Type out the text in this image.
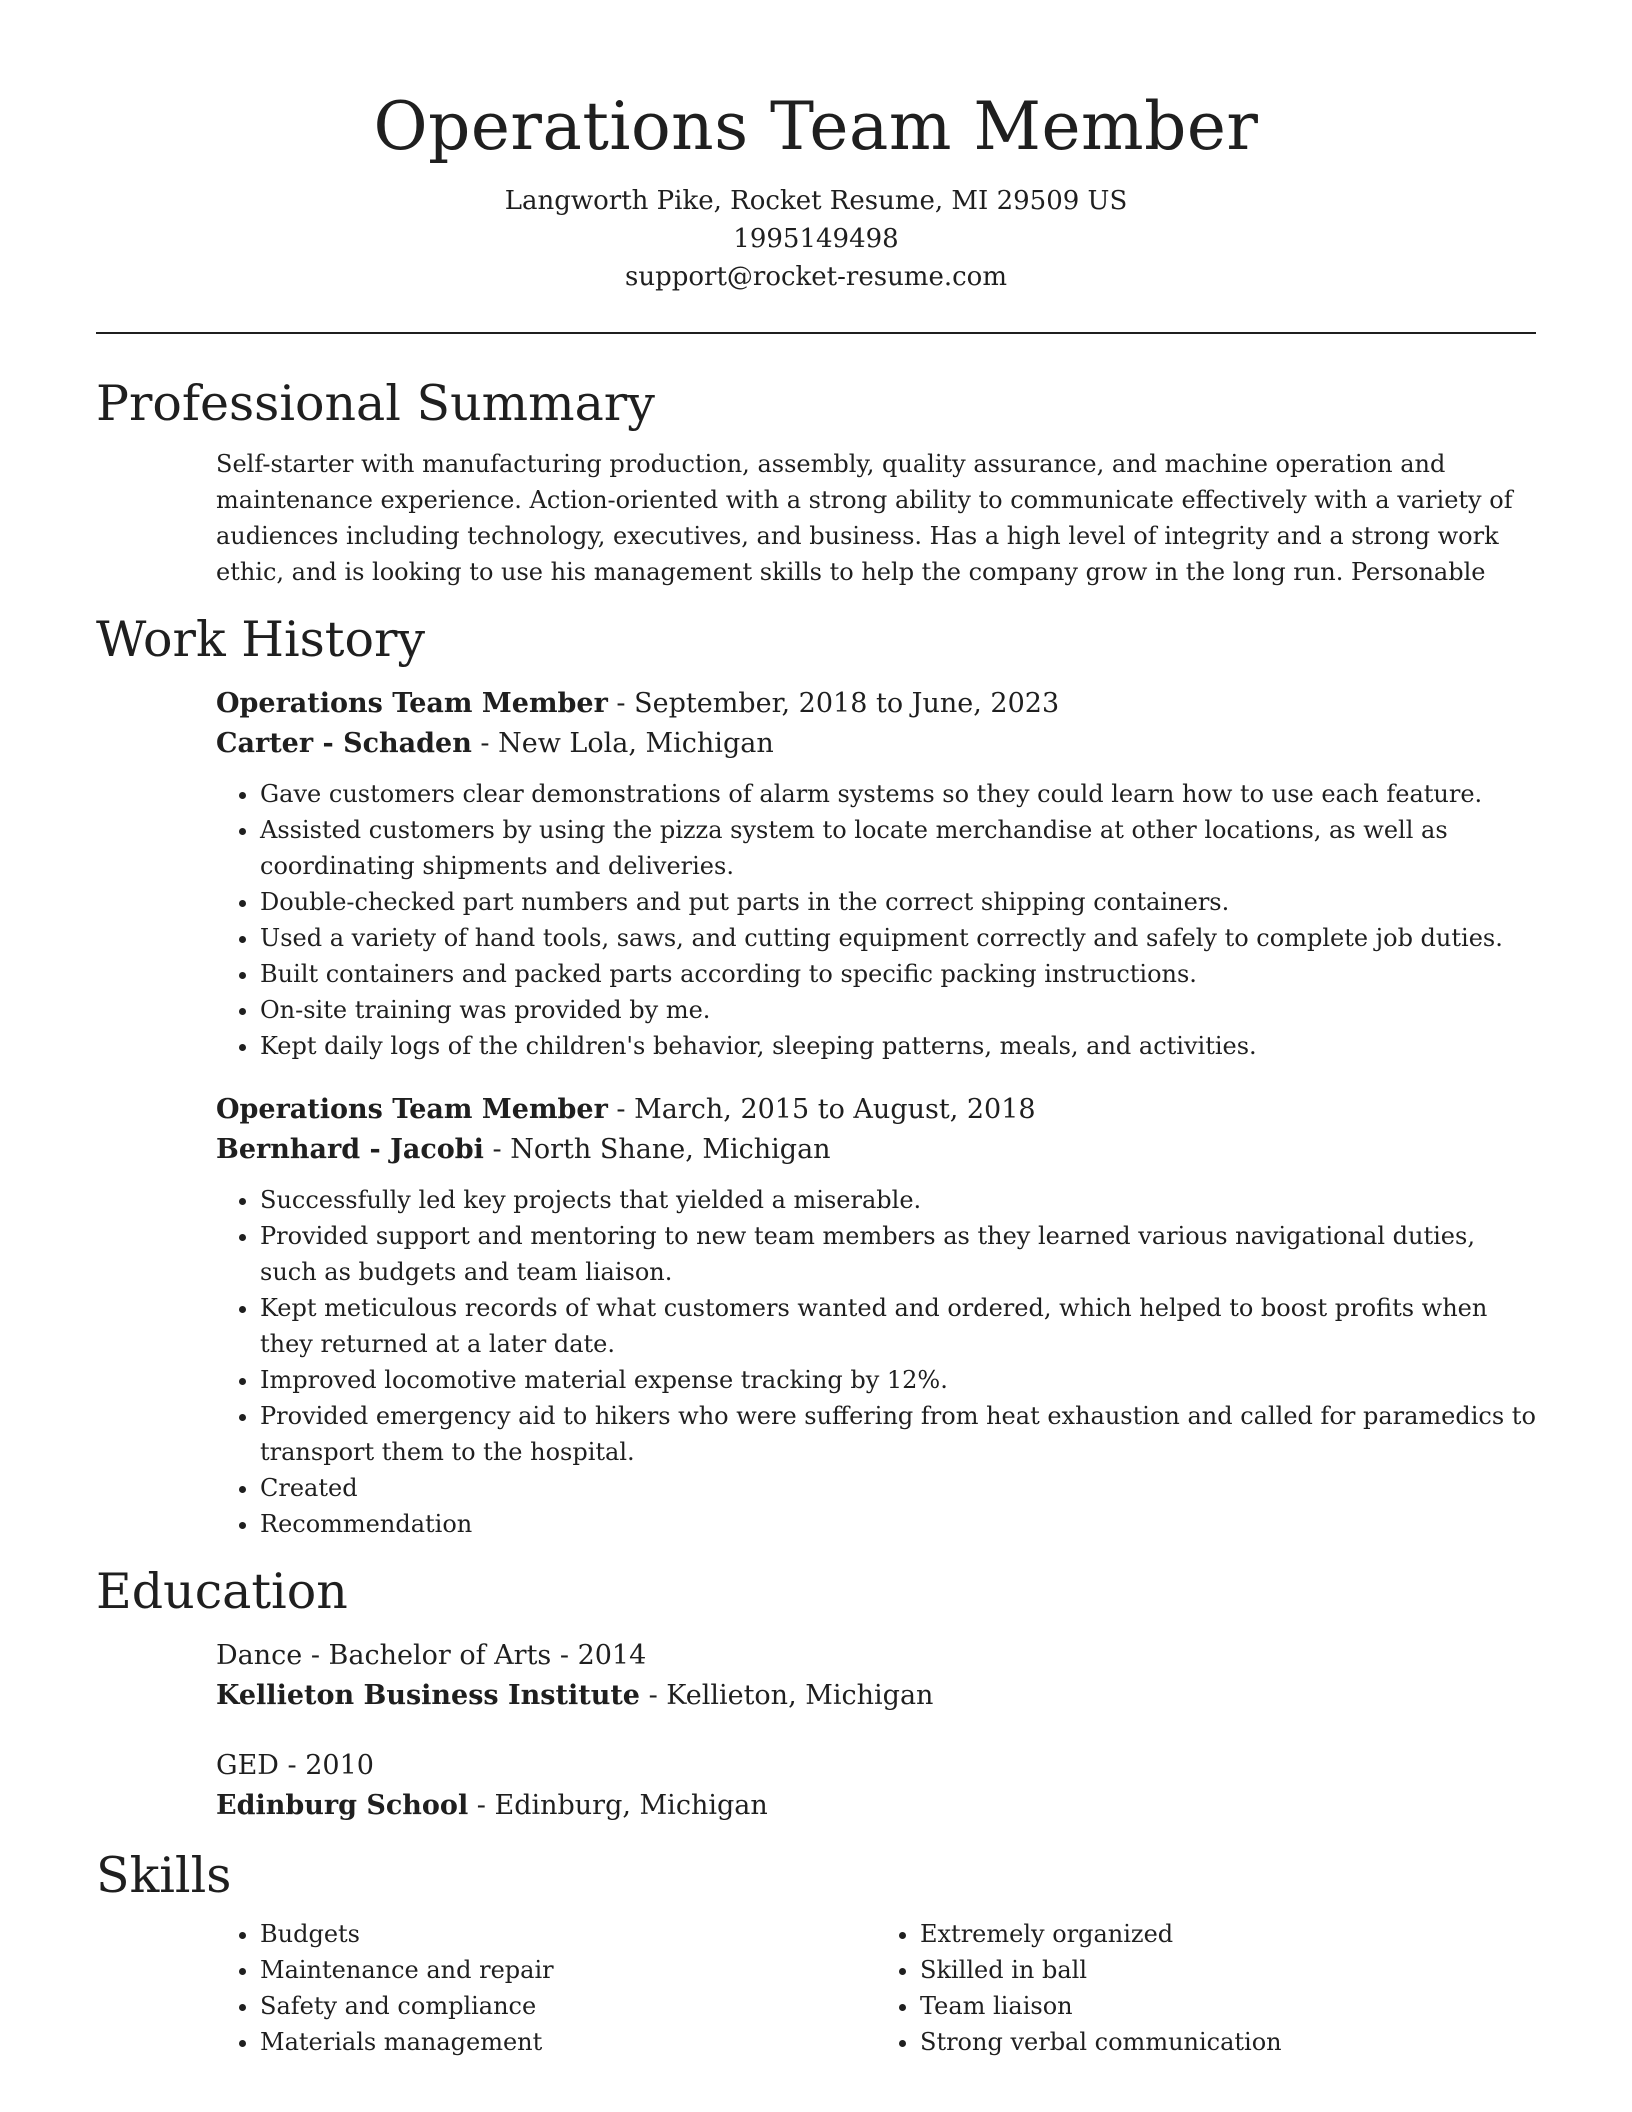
Operations Team Member
Langworth Pike, Rocket Resume, MI 29509 US
1995149498
support@rocket-resume.com
Professional Summary
Self-starter with manufacturing production, assembly, quality assurance, and machine operation and maintenance experience. Action-oriented with a strong ability to communicate effectively with a variety of audiences including technology, executives, and business. Has a high level of integrity and a strong work ethic, and is looking to use his management skills to help the company grow in the long run. Personable
Work History
Operations Team Member - September, 2018 to June, 2023
Carter - Schaden - New Lola, Michigan
• Gave customers clear demonstrations of alarm systems so they could learn how to use each feature.
• Assisted customers by using the pizza system to locate merchandise at other locations, as well as coordinating shipments and deliveries.
• Double-checked part numbers and put parts in the correct shipping containers.
• Used a variety of hand tools, saws, and cutting equipment correctly and safely to complete job duties.
• Built containers and packed parts according to specific packing instructions.
• On-site training was provided by me.
• Kept daily logs of the children's behavior, sleeping patterns, meals, and activities.
Operations Team Member - March, 2015 to August, 2018
Bernhard - Jacobi - North Shane, Michigan
• Successfully led key projects that yielded a miserable.
• Provided support and mentoring to new team members as they learned various navigational duties, such as budgets and team liaison.
• Kept meticulous records of what customers wanted and ordered, which helped to boost profits when they returned at a later date.
• Improved locomotive material expense tracking by 12%.
• Provided emergency aid to hikers who were suffering from heat exhaustion and called for paramedics to transport them to the hospital.
• Created
• Recommendation
Education
Dance - Bachelor of Arts - 2014
Kellieton Business Institute - Kellieton, Michigan
GED - 2010
Edinburg School - Edinburg, Michigan
Skills
• Budgets
• Maintenance and repair
• Safety and compliance
• Materials management
• Extremely organized
• Skilled in ball
• Team liaison
• Strong verbal communication
